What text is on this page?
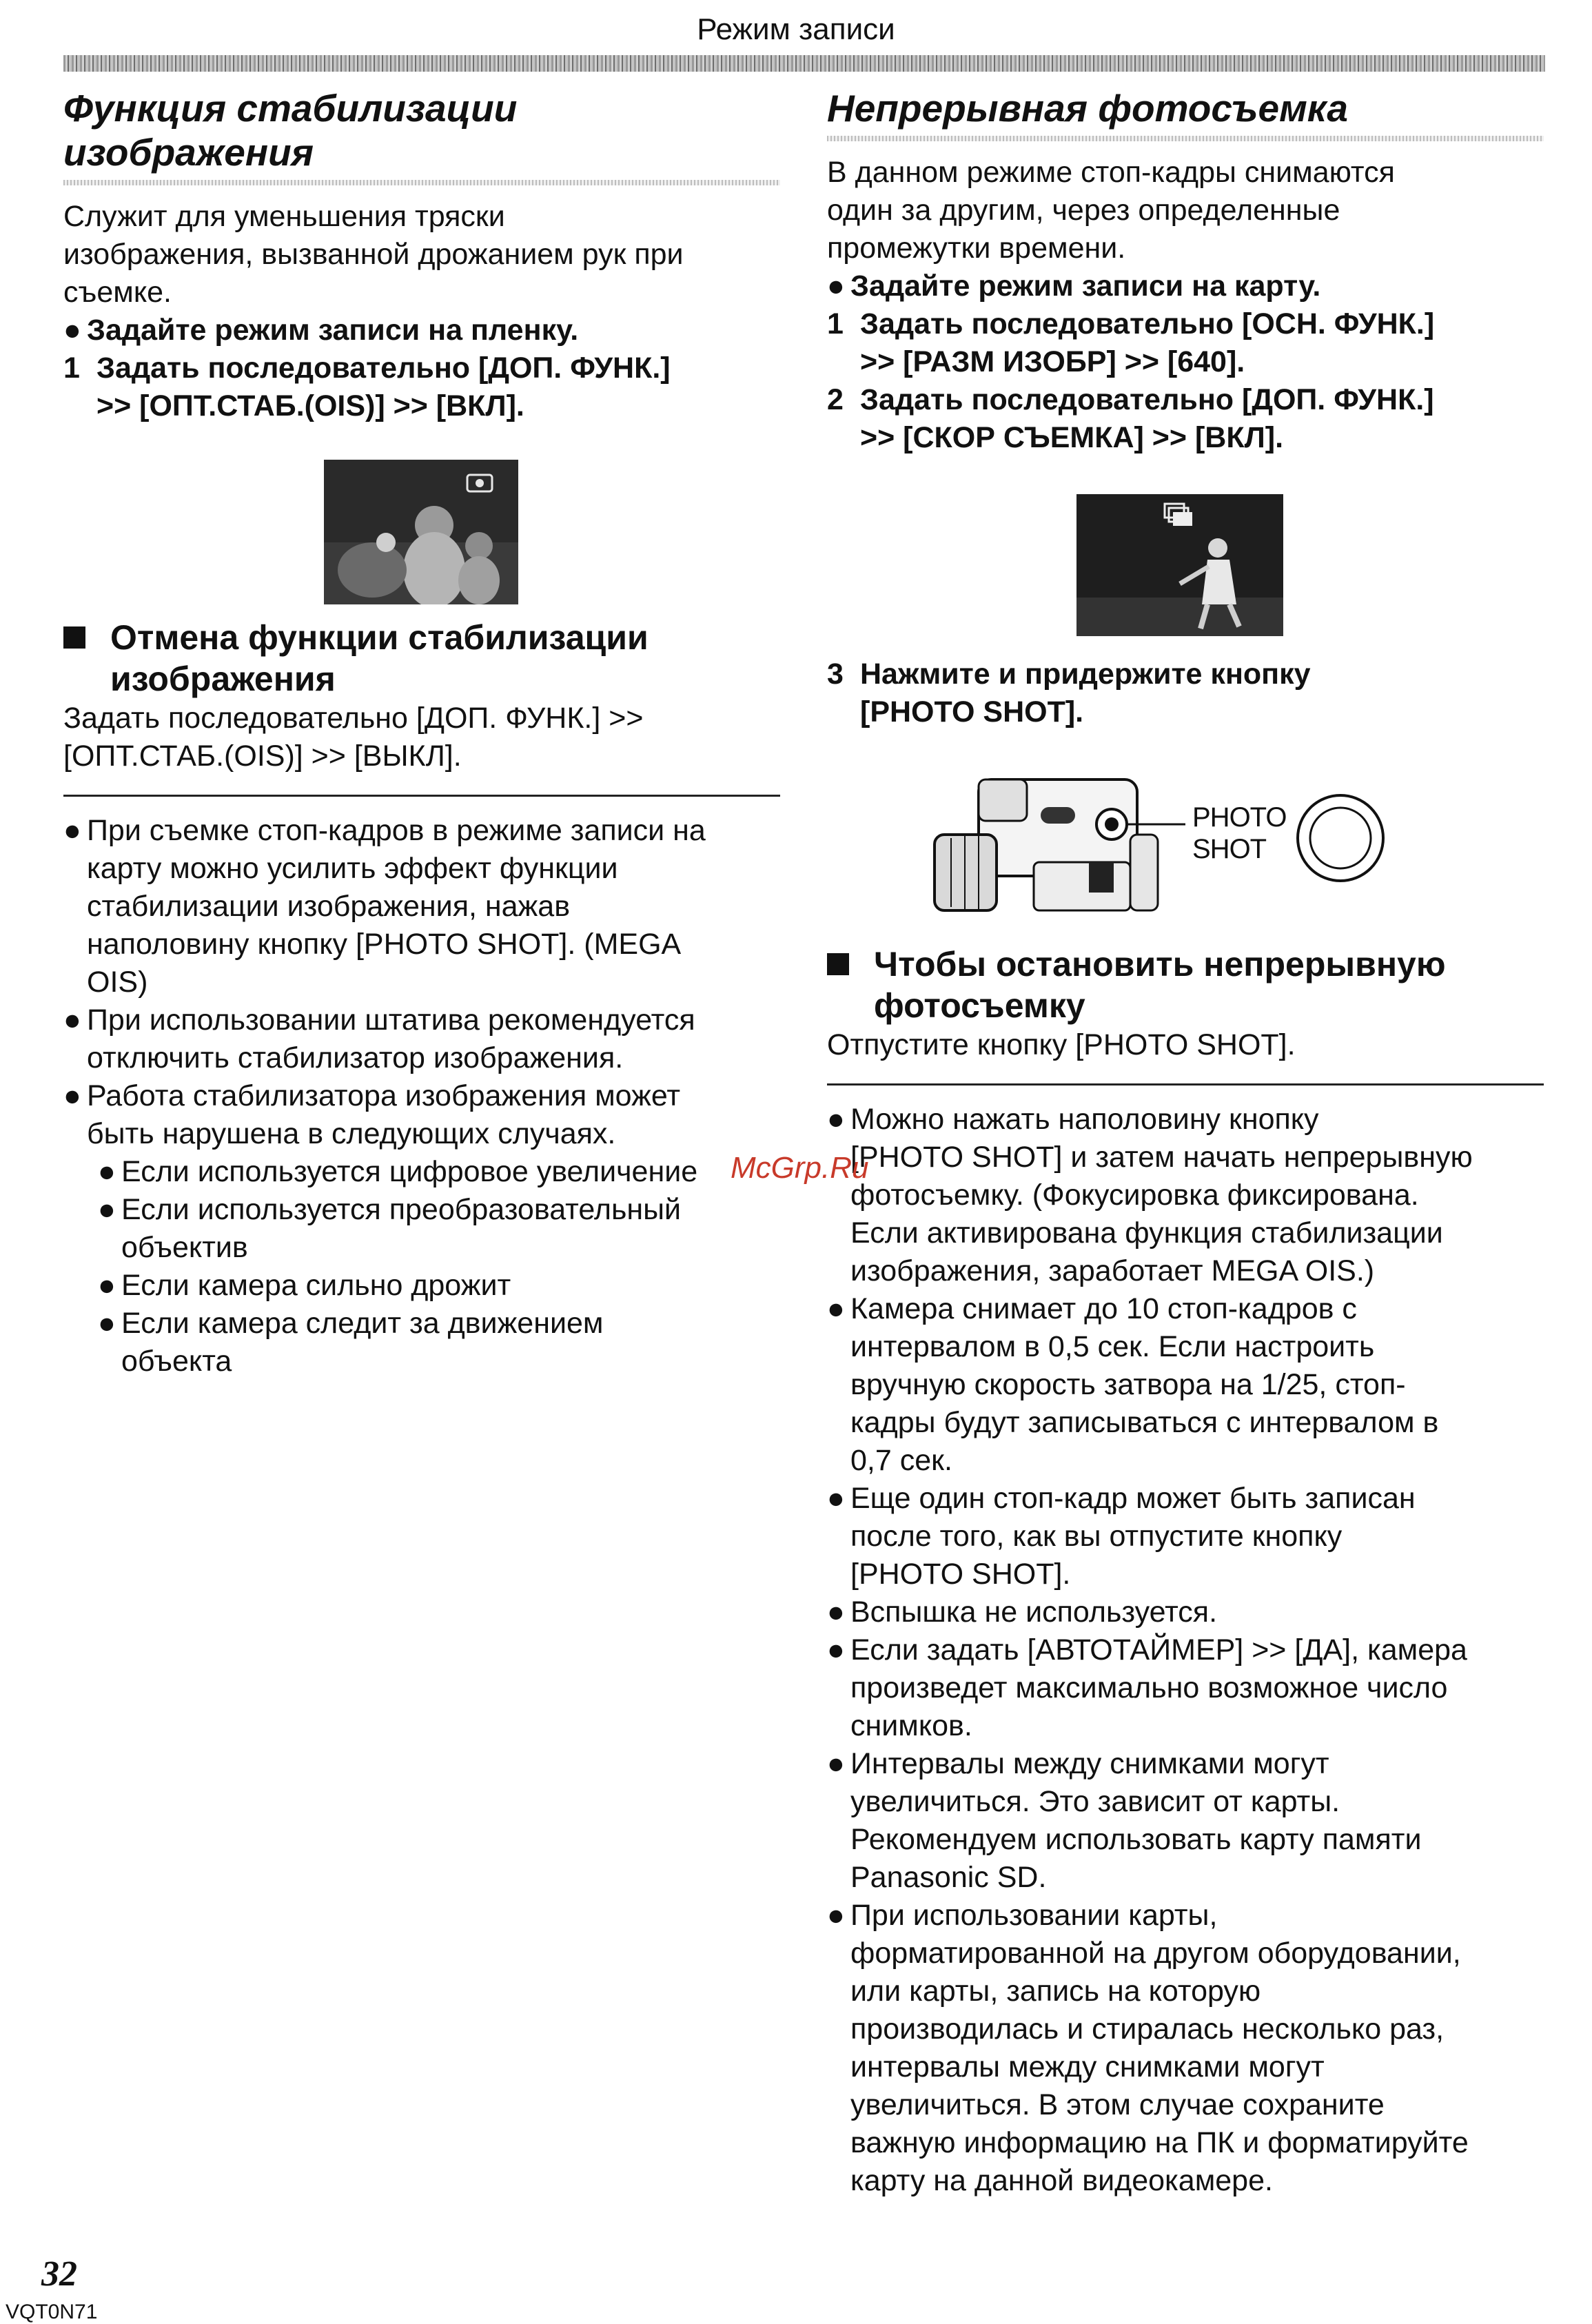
Режим записи
Функция стабилизации
изображения
Служит для уменьшения тряски
изображения, вызванной дрожанием рук при
съемке.
● Задайте режим записи на пленку.
1 Задать последовательно [ДОП. ФУНК.]
>> [ОПТ.СТАБ.(OIS)] >> [ВКЛ].
Отмена функции стабилизации
изображения
Задать последовательно [ДОП. ФУНК.] >>
[ОПТ.СТАБ.(OIS)] >> [ВЫКЛ].
● При съемке стоп-кадров в режиме записи на
карту можно усилить эффект функции
стабилизации изображения, нажав
наполовину кнопку [PHOTO SHOT]. (MEGA
OIS)
● При использовании штатива рекомендуется
отключить стабилизатор изображения.
● Работа стабилизатора изображения может
быть нарушена в следующих случаях.
● Если используется цифровое увеличение
● Если используется преобразовательный
объектив
● Если камера сильно дрожит
● Если камера следит за движением
объекта
Непрерывная фотосъемка
В данном режиме стоп-кадры снимаются
один за другим, через определенные
промежутки времени.
● Задайте режим записи на карту.
1 Задать последовательно [ОСН. ФУНК.]
>> [РАЗМ ИЗОБР] >> [640].
2 Задать последовательно [ДОП. ФУНК.]
>> [СКОР СЪЕМКА] >> [ВКЛ].
3 Нажмите и придержите кнопку
[PHOTO SHOT].
PHOTO
SHOT
Чтобы остановить непрерывную
фотосъемку
Отпустите кнопку [PHOTO SHOT].
● Можно нажать наполовину кнопку
[PHOTO SHOT] и затем начать непрерывную
фотосъемку. (Фокусировка фиксирована.
Если активирована функция стабилизации
изображения, заработает MEGA OIS.)
● Камера снимает до 10 стоп-кадров с
интервалом в 0,5 сек. Если настроить
вручную скорость затвора на 1/25, стоп-
кадры будут записываться с интервалом в
0,7 сек.
● Еще один стоп-кадр может быть записан
после того, как вы отпустите кнопку
[PHOTO SHOT].
● Вспышка не используется.
● Если задать [АВТОТАЙМЕР] >> [ДА], камера
произведет максимально возможное число
снимков.
● Интервалы между снимками могут
увеличиться. Это зависит от карты.
Рекомендуем использовать карту памяти
Panasonic SD.
● При использовании карты,
форматированной на другом оборудовании,
или карты, запись на которую
производилась и стиралась несколько раз,
интервалы между снимками могут
увеличиться. В этом случае сохраните
важную информацию на ПК и форматируйте
карту на данной видеокамере.
McGrp.Ru
32
VQT0N71
